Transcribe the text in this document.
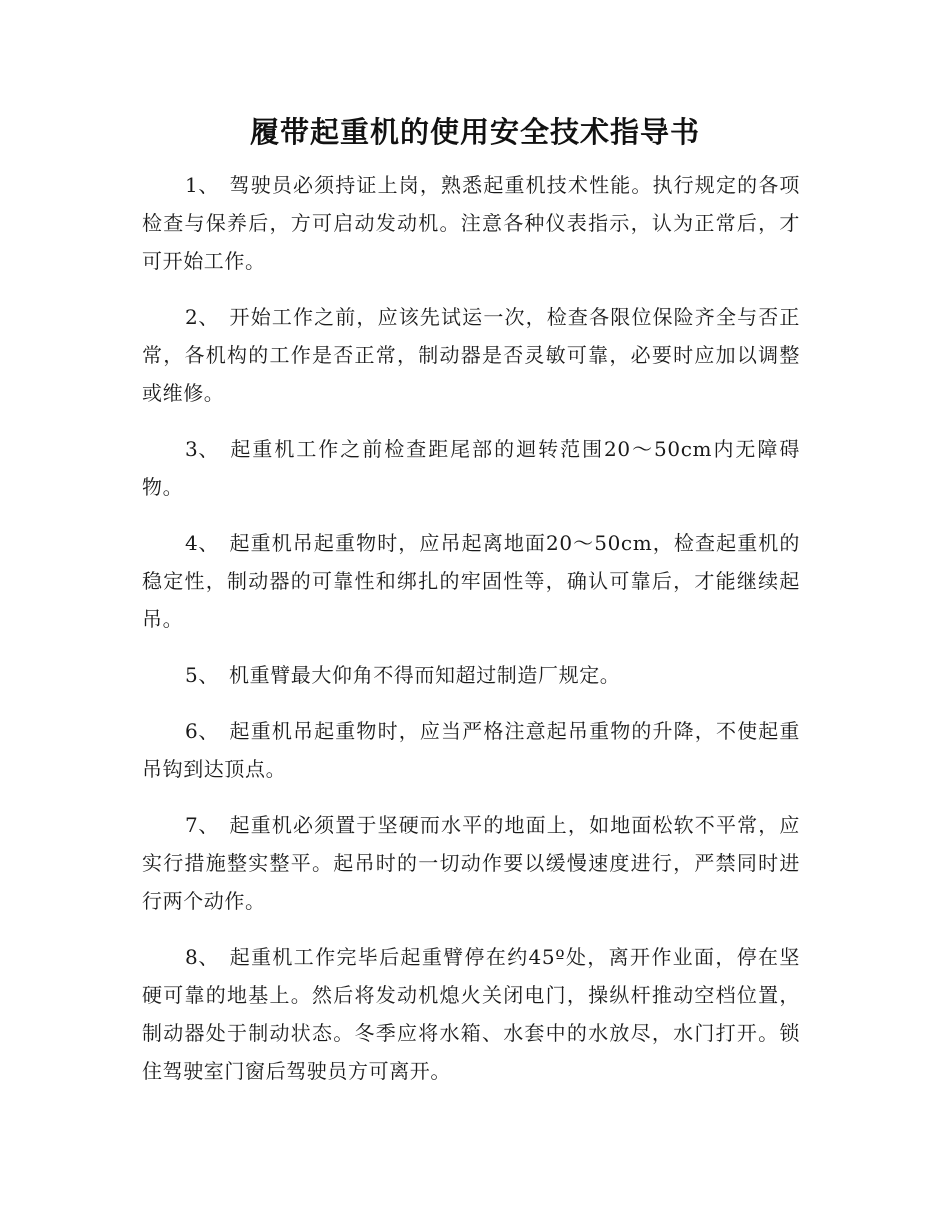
履带起重机的使用安全技术指导书

1、 驾驶员必须持证上岗，熟悉起重机技术性能。执行规定的各项检查与保养后，方可启动发动机。注意各种仪表指示，认为正常后，才可开始工作。

2、 开始工作之前，应该先试运一次，检查各限位保险齐全与否正常，各机构的工作是否正常，制动器是否灵敏可靠，必要时应加以调整或维修。

3、 起重机工作之前检查距尾部的迴转范围20～50cm内无障碍物。

4、 起重机吊起重物时，应吊起离地面20～50cm，检查起重机的稳定性，制动器的可靠性和绑扎的牢固性等，确认可靠后，才能继续起吊。

5、 机重臂最大仰角不得而知超过制造厂规定。

6、 起重机吊起重物时，应当严格注意起吊重物的升降，不使起重吊钩到达顶点。

7、 起重机必须置于坚硬而水平的地面上，如地面松软不平常，应实行措施整实整平。起吊时的一切动作要以缓慢速度进行，严禁同时进行两个动作。

8、 起重机工作完毕后起重臂停在约45º处，离开作业面，停在坚硬可靠的地基上。然后将发动机熄火关闭电门，操纵杆推动空档位置，制动器处于制动状态。冬季应将水箱、水套中的水放尽，水门打开。锁住驾驶室门窗后驾驶员方可离开。
